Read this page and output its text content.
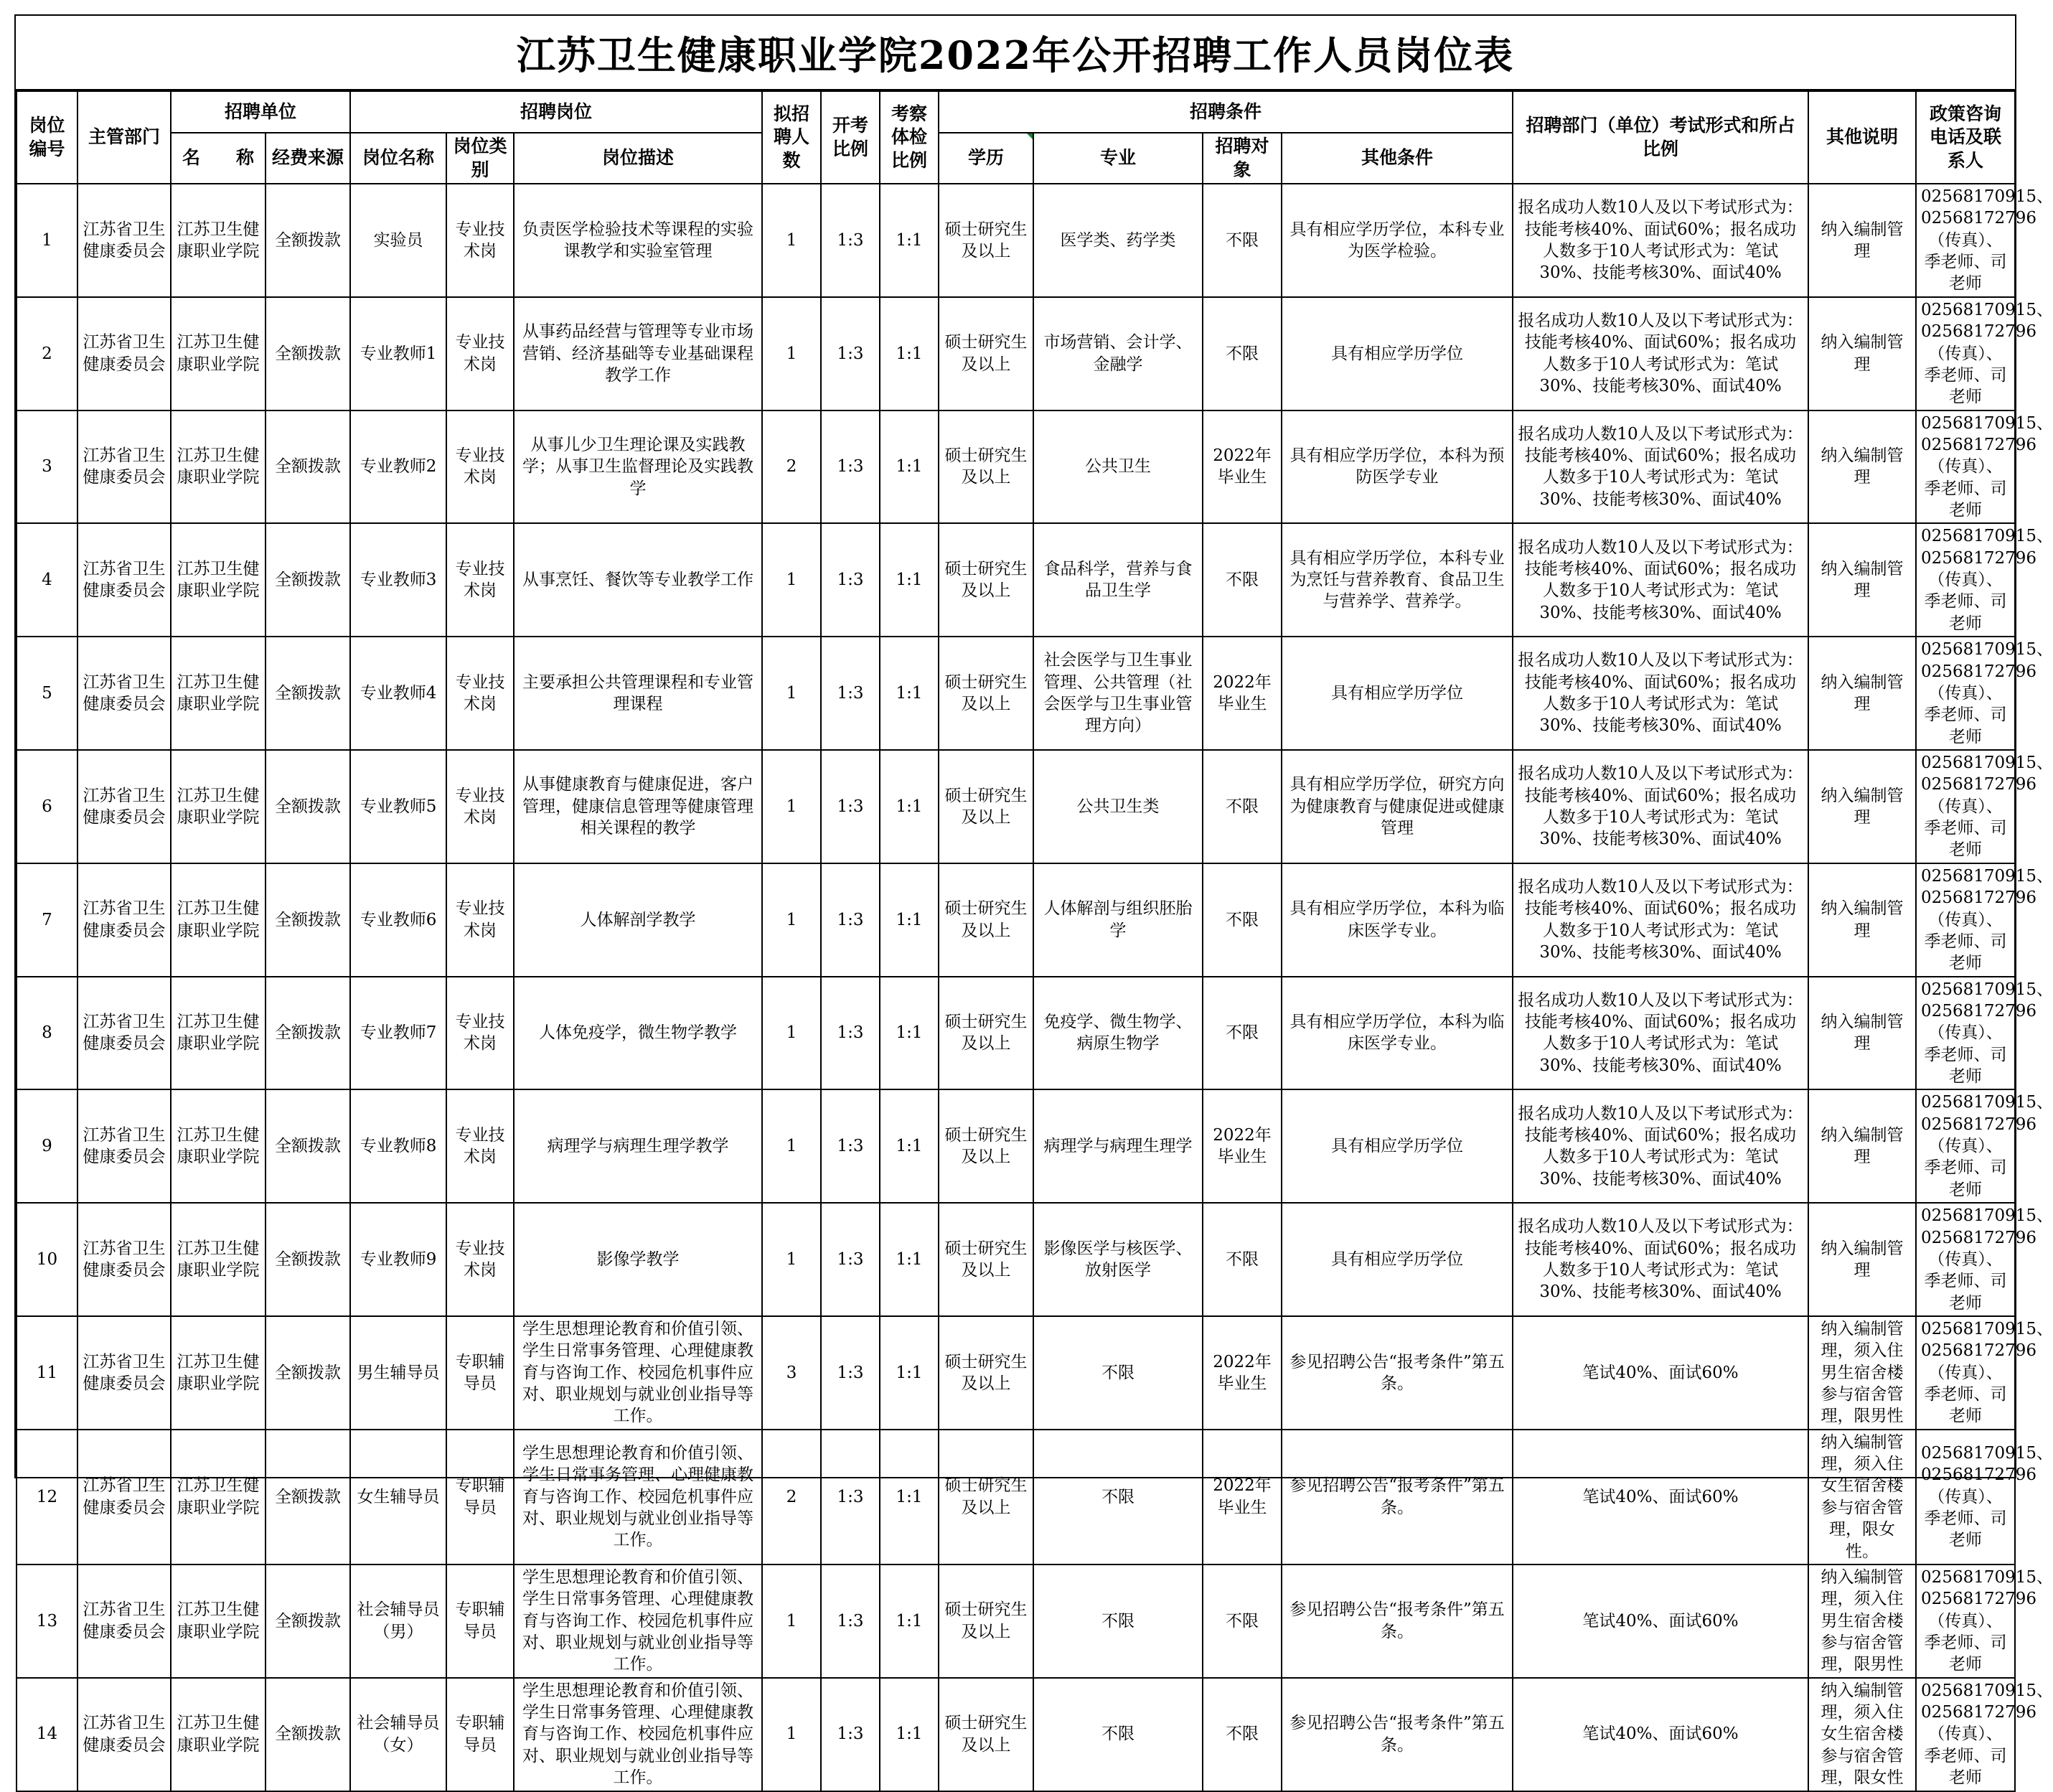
江苏卫生健康职业学院2022年公开招聘工作人员岗位表
岗位编号	主管部门	招聘单位		招聘岗位			拟招聘人数	开考比例	考察体检比例	招聘条件				招聘部门（单位）考试形式和所占比例	其他说明	政策咨询电话及联系人
		名　　称	经费来源	岗位名称	岗位类别	岗位描述				学历	专业	招聘对象	其他条件			
1	江苏省卫生健康委员会	江苏卫生健康职业学院	全额拨款	实验员	专业技术岗	负责医学检验技术等课程的实验课教学和实验室管理	1	1:3	1:1	硕士研究生及以上	医学类、药学类	不限	具有相应学历学位，本科专业为医学检验。	报名成功人数10人及以下考试形式为：技能考核40%、面试60%；报名成功人数多于10人考试形式为：笔试30%、技能考核30%、面试40%	纳入编制管理	02568170915、02568172796（传真）、季老师、司老师
2	江苏省卫生健康委员会	江苏卫生健康职业学院	全额拨款	专业教师1	专业技术岗	从事药品经营与管理等专业市场营销、经济基础等专业基础课程教学工作	1	1:3	1:1	硕士研究生及以上	市场营销、会计学、金融学	不限	具有相应学历学位	报名成功人数10人及以下考试形式为：技能考核40%、面试60%；报名成功人数多于10人考试形式为：笔试30%、技能考核30%、面试40%	纳入编制管理	02568170915、02568172796（传真）、季老师、司老师
3	江苏省卫生健康委员会	江苏卫生健康职业学院	全额拨款	专业教师2	专业技术岗	从事儿少卫生理论课及实践教学；从事卫生监督理论及实践教学	2	1:3	1:1	硕士研究生及以上	公共卫生	2022年毕业生	具有相应学历学位，本科为预防医学专业	报名成功人数10人及以下考试形式为：技能考核40%、面试60%；报名成功人数多于10人考试形式为：笔试30%、技能考核30%、面试40%	纳入编制管理	02568170915、02568172796（传真）、季老师、司老师
4	江苏省卫生健康委员会	江苏卫生健康职业学院	全额拨款	专业教师3	专业技术岗	从事烹饪、餐饮等专业教学工作	1	1:3	1:1	硕士研究生及以上	食品科学，营养与食品卫生学	不限	具有相应学历学位，本科专业为烹饪与营养教育、食品卫生与营养学、营养学。	报名成功人数10人及以下考试形式为：技能考核40%、面试60%；报名成功人数多于10人考试形式为：笔试30%、技能考核30%、面试40%	纳入编制管理	02568170915、02568172796（传真）、季老师、司老师
5	江苏省卫生健康委员会	江苏卫生健康职业学院	全额拨款	专业教师4	专业技术岗	主要承担公共管理课程和专业管理课程	1	1:3	1:1	硕士研究生及以上	社会医学与卫生事业管理、公共管理（社会医学与卫生事业管理方向）	2022年毕业生	具有相应学历学位	报名成功人数10人及以下考试形式为：技能考核40%、面试60%；报名成功人数多于10人考试形式为：笔试30%、技能考核30%、面试40%	纳入编制管理	02568170915、02568172796（传真）、季老师、司老师
6	江苏省卫生健康委员会	江苏卫生健康职业学院	全额拨款	专业教师5	专业技术岗	从事健康教育与健康促进，客户管理，健康信息管理等健康管理相关课程的教学	1	1:3	1:1	硕士研究生及以上	公共卫生类	不限	具有相应学历学位，研究方向为健康教育与健康促进或健康管理	报名成功人数10人及以下考试形式为：技能考核40%、面试60%；报名成功人数多于10人考试形式为：笔试30%、技能考核30%、面试40%	纳入编制管理	02568170915、02568172796（传真）、季老师、司老师
7	江苏省卫生健康委员会	江苏卫生健康职业学院	全额拨款	专业教师6	专业技术岗	人体解剖学教学	1	1:3	1:1	硕士研究生及以上	人体解剖与组织胚胎学	不限	具有相应学历学位，本科为临床医学专业。	报名成功人数10人及以下考试形式为：技能考核40%、面试60%；报名成功人数多于10人考试形式为：笔试30%、技能考核30%、面试40%	纳入编制管理	02568170915、02568172796（传真）、季老师、司老师
8	江苏省卫生健康委员会	江苏卫生健康职业学院	全额拨款	专业教师7	专业技术岗	人体免疫学，微生物学教学	1	1:3	1:1	硕士研究生及以上	免疫学、微生物学、病原生物学	不限	具有相应学历学位，本科为临床医学专业。	报名成功人数10人及以下考试形式为：技能考核40%、面试60%；报名成功人数多于10人考试形式为：笔试30%、技能考核30%、面试40%	纳入编制管理	02568170915、02568172796（传真）、季老师、司老师
9	江苏省卫生健康委员会	江苏卫生健康职业学院	全额拨款	专业教师8	专业技术岗	病理学与病理生理学教学	1	1:3	1:1	硕士研究生及以上	病理学与病理生理学	2022年毕业生	具有相应学历学位	报名成功人数10人及以下考试形式为：技能考核40%、面试60%；报名成功人数多于10人考试形式为：笔试30%、技能考核30%、面试40%	纳入编制管理	02568170915、02568172796（传真）、季老师、司老师
10	江苏省卫生健康委员会	江苏卫生健康职业学院	全额拨款	专业教师9	专业技术岗	影像学教学	1	1:3	1:1	硕士研究生及以上	影像医学与核医学、放射医学	不限	具有相应学历学位	报名成功人数10人及以下考试形式为：技能考核40%、面试60%；报名成功人数多于10人考试形式为：笔试30%、技能考核30%、面试40%	纳入编制管理	02568170915、02568172796（传真）、季老师、司老师
11	江苏省卫生健康委员会	江苏卫生健康职业学院	全额拨款	男生辅导员	专职辅导员	学生思想理论教育和价值引领、学生日常事务管理、心理健康教育与咨询工作、校园危机事件应对、职业规划与就业创业指导等工作。	3	1:3	1:1	硕士研究生及以上	不限	2022年毕业生	参见招聘公告“报考条件”第五条。	笔试40%、面试60%	纳入编制管理，须入住男生宿舍楼参与宿舍管理，限男性	02568170915、02568172796（传真）、季老师、司老师
12	江苏省卫生健康委员会	江苏卫生健康职业学院	全额拨款	女生辅导员	专职辅导员	学生思想理论教育和价值引领、学生日常事务管理、心理健康教育与咨询工作、校园危机事件应对、职业规划与就业创业指导等工作。	2	1:3	1:1	硕士研究生及以上	不限	2022年毕业生	参见招聘公告“报考条件”第五条。	笔试40%、面试60%	纳入编制管理，须入住女生宿舍楼参与宿舍管理，限女性。	02568170915、02568172796（传真）、季老师、司老师
13	江苏省卫生健康委员会	江苏卫生健康职业学院	全额拨款	社会辅导员（男）	专职辅导员	学生思想理论教育和价值引领、学生日常事务管理、心理健康教育与咨询工作、校园危机事件应对、职业规划与就业创业指导等工作。	1	1:3	1:1	硕士研究生及以上	不限	不限	参见招聘公告“报考条件”第五条。	笔试40%、面试60%	纳入编制管理，须入住男生宿舍楼参与宿舍管理，限男性	02568170915、02568172796（传真）、季老师、司老师
14	江苏省卫生健康委员会	江苏卫生健康职业学院	全额拨款	社会辅导员（女）	专职辅导员	学生思想理论教育和价值引领、学生日常事务管理、心理健康教育与咨询工作、校园危机事件应对、职业规划与就业创业指导等工作。	1	1:3	1:1	硕士研究生及以上	不限	不限	参见招聘公告“报考条件”第五条。	笔试40%、面试60%	纳入编制管理，须入住女生宿舍楼参与宿舍管理，限女性	02568170915、02568172796（传真）、季老师、司老师
